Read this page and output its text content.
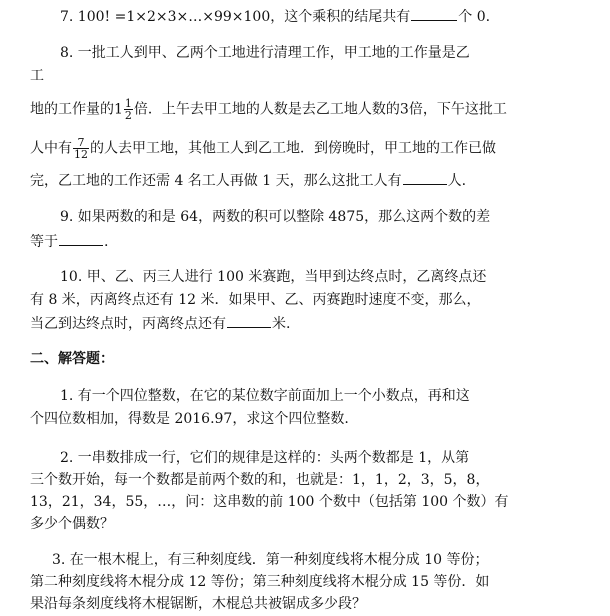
7. 100! =1×2×3×…×99×100，这个乘积的结尾共有	个 0.
8. 一批工人到甲、乙两个工地进行清理工作，甲工地的工作量是乙
工
地的工作量的$1 \frac{1}{2}$ 倍．上午去甲工地的人数是去乙工地人数的3倍，下午这批工
人中有 $\frac{7}{12}$ 的人去甲工地，其他工人到乙工地．到傍晚时，甲工地的工作已做
完，乙工地的工作还需 4 名工人再做 1 天，那么这批工人有	人.
9. 如果两数的和是 64，两数的积可以整除 4875，那么这两个数的差
等于	.
10. 甲、乙、丙三人进行 100 米赛跑，当甲到达终点时，乙离终点还
有 8 米，丙离终点还有 12 米．如果甲、乙、丙赛跑时速度不变，那么，
当乙到达终点时，丙离终点还有	米.
二、解答题：
1. 有一个四位整数，在它的某位数字前面加上一个小数点，再和这
个四位数相加，得数是 2016.97，求这个四位整数.
2. 一串数排成一行，它们的规律是这样的：头两个数都是 1，从第
三个数开始，每一个数都是前两个数的和，也就是：1，1，2，3，5，8，
13，21，34，55，…，问：这串数的前 100 个数中（包括第 100 个数）有
多少个偶数？
3. 在一根木棍上，有三种刻度线．第一种刻度线将木棍分成 10 等份；
第二种刻度线将木棍分成 12 等份；第三种刻度线将木棍分成 15 等份．如
果沿每条刻度线将木棍锯断，木棍总共被锯成多少段？
